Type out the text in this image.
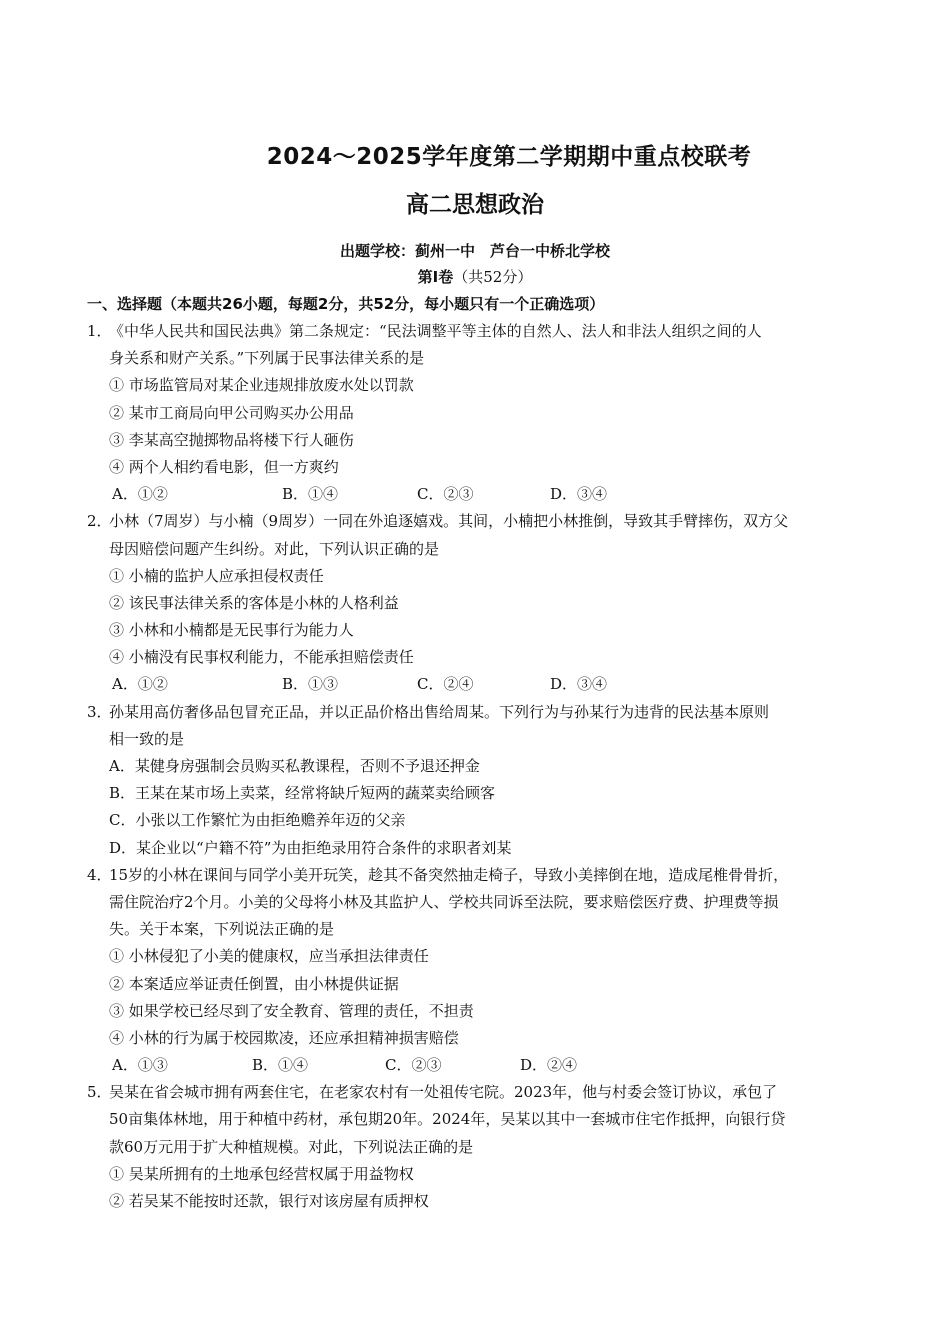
2024～2025学年度第二学期期中重点校联考
高二思想政治
出题学校：蓟州一中　芦台一中桥北学校
第Ⅰ卷（共52分）
一、选择题（本题共26小题，每题2分，共52分，每小题只有一个正确选项）
1．《中华人民共和国民法典》第二条规定：“民法调整平等主体的自然人、法人和非法人组织之间的人
身关系和财产关系。”下列属于民事法律关系的是
① 市场监管局对某企业违规排放废水处以罚款
② 某市工商局向甲公司购买办公用品
③ 李某高空抛掷物品将楼下行人砸伤
④ 两个人相约看电影，但一方爽约
A．①②	B．①④	C．②③	D．③④
2．小林（7周岁）与小楠（9周岁）一同在外追逐嬉戏。其间，小楠把小林推倒，导致其手臂摔伤，双方父
母因赔偿问题产生纠纷。对此，下列认识正确的是
① 小楠的监护人应承担侵权责任
② 该民事法律关系的客体是小林的人格利益
③ 小林和小楠都是无民事行为能力人
④ 小楠没有民事权利能力，不能承担赔偿责任
A．①②	B．①③	C．②④	D．③④
3．孙某用高仿奢侈品包冒充正品，并以正品价格出售给周某。下列行为与孙某行为违背的民法基本原则
相一致的是
A．某健身房强制会员购买私教课程，否则不予退还押金
B．王某在某市场上卖菜，经常将缺斤短两的蔬菜卖给顾客
C．小张以工作繁忙为由拒绝赡养年迈的父亲
D．某企业以“户籍不符”为由拒绝录用符合条件的求职者刘某
4．15岁的小林在课间与同学小美开玩笑，趁其不备突然抽走椅子，导致小美摔倒在地，造成尾椎骨骨折，
需住院治疗2个月。小美的父母将小林及其监护人、学校共同诉至法院，要求赔偿医疗费、护理费等损
失。关于本案，下列说法正确的是
① 小林侵犯了小美的健康权，应当承担法律责任
② 本案适应举证责任倒置，由小林提供证据
③ 如果学校已经尽到了安全教育、管理的责任，不担责
④ 小林的行为属于校园欺凌，还应承担精神损害赔偿
A．①③	B．①④	C．②③	D．②④
5．吴某在省会城市拥有两套住宅，在老家农村有一处祖传宅院。2023年，他与村委会签订协议，承包了
50亩集体林地，用于种植中药材，承包期20年。2024年，吴某以其中一套城市住宅作抵押，向银行贷
款60万元用于扩大种植规模。对此，下列说法正确的是
① 吴某所拥有的土地承包经营权属于用益物权
② 若吴某不能按时还款，银行对该房屋有质押权
